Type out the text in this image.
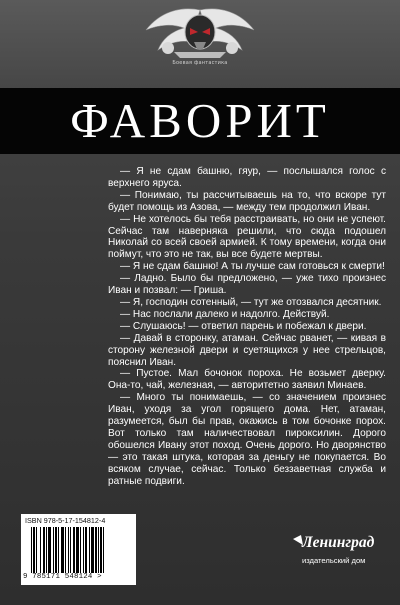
Боевая фантастика
ФАВОРИТ

— Я не сдам башню, гяур, — послышался голос с верхнего яруса.

— Понимаю, ты рассчитываешь на то, что вскоре тут будет помощь из Азова, — между тем продолжил Иван.

— Не хотелось бы тебя расстраивать, но они не успеют. Сейчас там наверняка решили, что сюда подошел Николай со всей своей армией. К тому времени, когда они поймут, что это не так, вы все будете мертвы.

— Я не сдам башню! А ты лучше сам готовься к смерти!

— Ладно. Было бы предложено, — уже тихо произнес Иван и позвал: — Гриша.

— Я, господин сотенный, — тут же отозвался десятник.

— Нас послали далеко и надолго. Действуй.

— Слушаюсь! — ответил парень и побежал к двери.

— Давай в сторонку, атаман. Сейчас рванет, — кивая в сторону железной двери и суетящихся у нее стрельцов, пояснил Иван.

— Пустое. Мал бочонок пороха. Не возьмет дверку. Она-то, чай, железная, — авторитетно заявил Минаев.

— Много ты понимаешь, — со значением произнес Иван, уходя за угол горящего дома. Нет, атаман, разумеется, был бы прав, окажись в том бочонке порох. Вот только там наличествовал пироксилин. Дорого обошелся Ивану этот поход. Очень дорого. Но дворянство — это такая штука, которая за деньгу не покупается. Во всяком случае, сейчас. Только беззаветная служба и ратные подвиги.

ISBN 978-5-17-154812-4
9 785171 548124 >
Ленинград
издательский дом
